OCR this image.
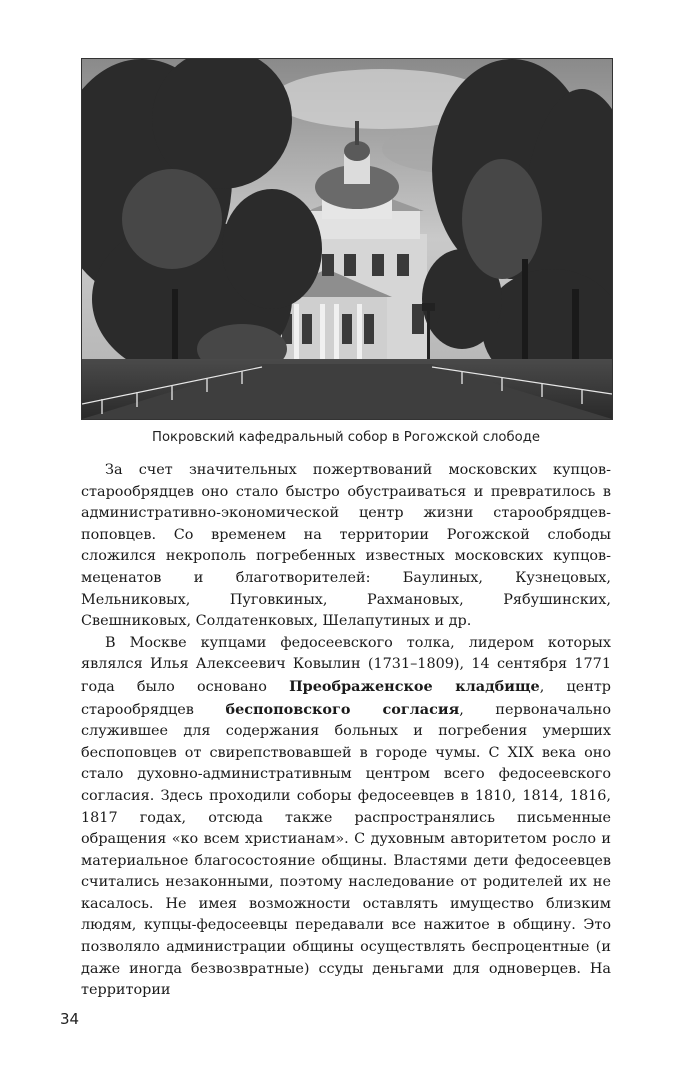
Покровский кафедральный собор в Рогожской слободе

За счет значительных пожертвований московских купцов-старообрядцев оно стало быстро обустраиваться и превратилось в административно-экономической центр жизни старообрядцев-поповцев. Со временем на территории Рогожской слободы сложился некрополь погребенных известных московских купцов-меценатов и благотворителей: Баулиных, Кузнецовых, Мельниковых, Пуговкиных, Рахмановых, Рябушинских, Свешниковых, Солдатенковых, Шелапутиных и др.

В Москве купцами федосеевского толка, лидером которых являлся Илья Алексеевич Ковылин (1731–1809), 14 сентября 1771 года было основано Преображенское кладбище, центр старообрядцев беспоповского согласия, первоначально служившее для содержания больных и погребения умерших беспоповцев от свирепствовавшей в городе чумы. С XIX века оно стало духовно-административным центром всего федосеевского согласия. Здесь проходили соборы федосеевцев в 1810, 1814, 1816, 1817 годах, отсюда также распространялись письменные обращения «ко всем христианам». С духовным авторитетом росло и материальное благосостояние общины. Властями дети федосеевцев считались незаконными, поэтому наследование от родителей их не касалось. Не имея возможности оставлять имущество близким людям, купцы-федосеевцы передавали все нажитое в общину. Это позволяло администрации общины осуществлять беспроцентные (и даже иногда безвозвратные) ссуды деньгами для одноверцев. На территории

34
